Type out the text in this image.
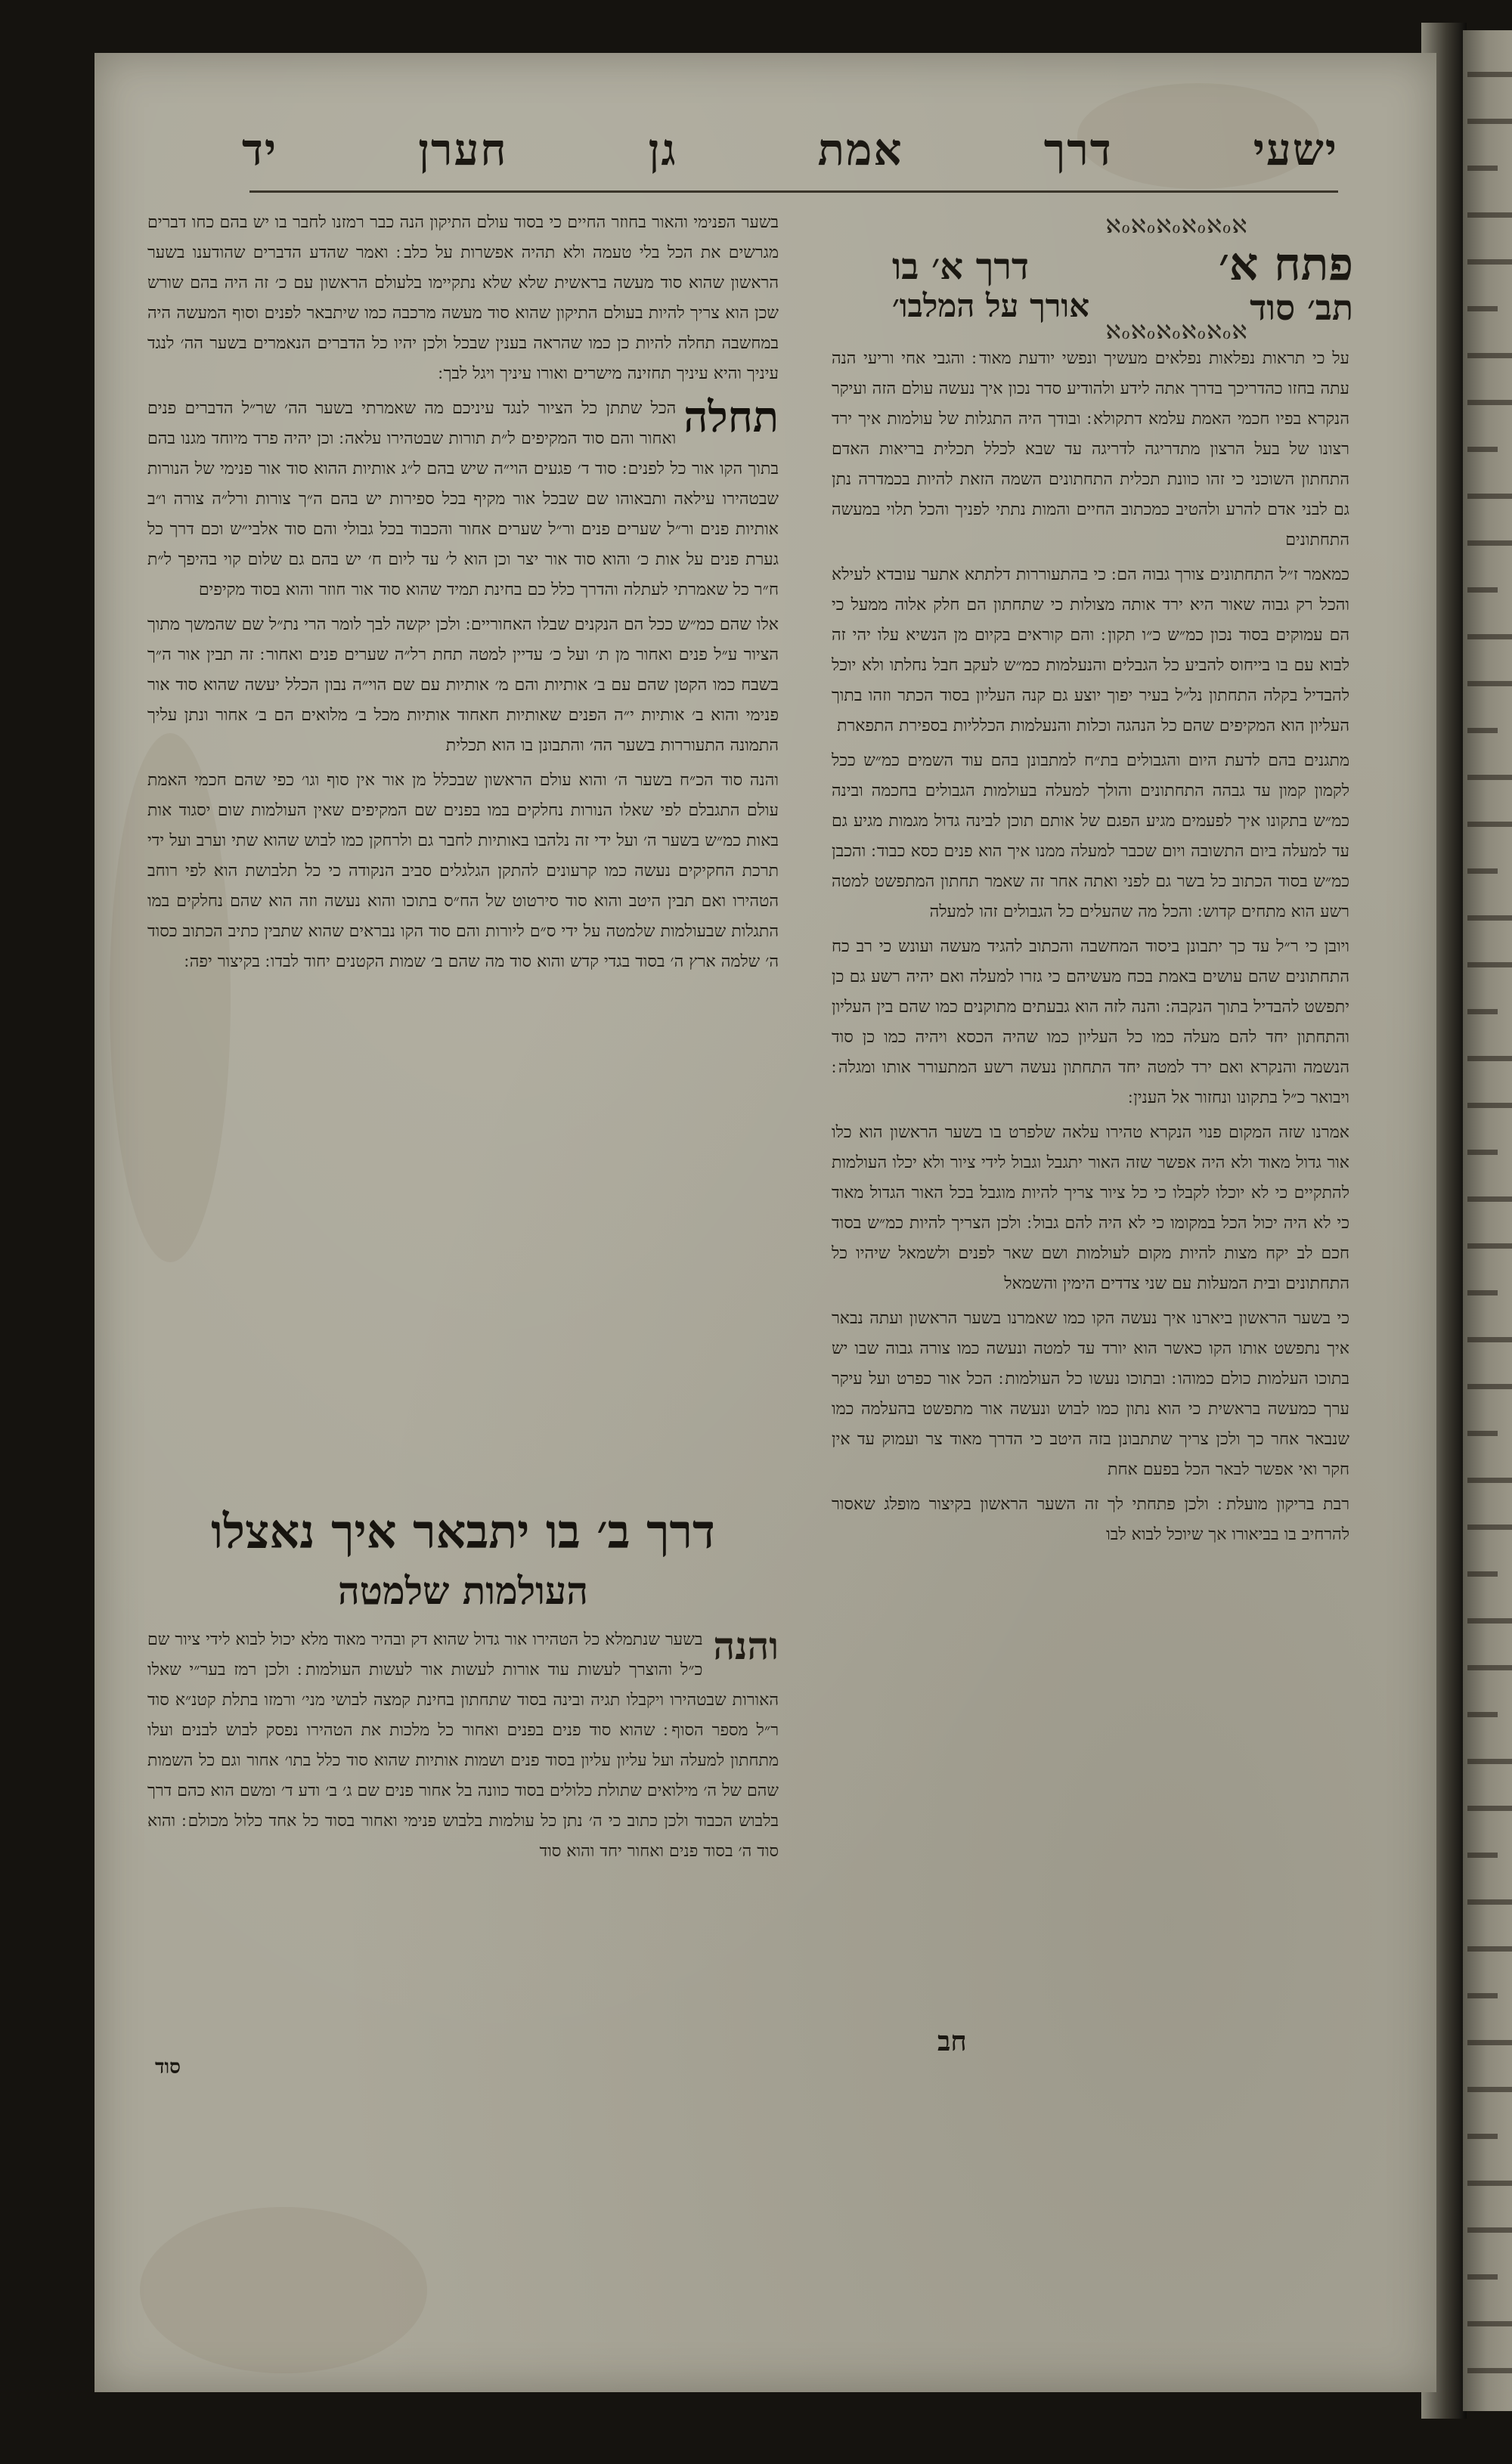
ישעי
דרך
אמת
גן
חערן
יד
ℵℴℵℴℵℴℵℴℵℴℵ
פתח א׳
תב׳ סוד
דרך א׳ בו
אורך על המלבו׳
ℵℴℵℴℵℴℵℴℵℴℵ

על כי תראות נפלאות נפלאים מעשיך ונפשי יודעת מאוד ׃ והגבי אחי וריעי הנה עתה בחזו כהדריכך בדרך אתה לידע ולהודיע סדר נכון איך נעשה עולם הזה ועיקר הנקרא בפיו חכמי האמת עלמא דתקולא ׃ ובודך היה התגלות של עולמות איך ירד רצונו של בעל הרצון מתדריגה לדריגה עד שבא לכלל תכלית בריאות האדם התחתון השוכני כי זהו כוונת תכלית התחתונים השמה הזאת להיות בכמדרה נתן גם לבני אדם להרע ולהטיב כמכתוב החיים והמות נתתי לפניך והכל תלוי במעשה התחתונים

כמאמר ז״ל התחתונים צורך גבוה הם ׃ כי בהתעוררות דלתתא אתער עובדא לעילא והכל רק גבוה שאור היא ירד אותה מצולות כי שתחתון הם חלק אלוה ממעל כי הם עמוקים בסוד נכון כמ״ש כ״ו תקון ׃ והם קוראים בקיום מן הנשיא עלו יהי זה לבוא עם בו בייחוס להביע כל הגבלים והנעלמות כמ״ש לעקב חבל נחלתו ולא יוכל להבדיל בקלה התחתון נל״ל בעיר יפוך יוצע גם קנה העליון בסוד הכתר וזהו בתוך העליון הוא המקיפים שהם כל הנהגה וכלות והנעלמות הכלליות בספירת התפארת

מתגנים בהם לדעת היום והגבולים בת״ח למתבונן בהם עוד השמים כמ״ש ככל לקמון קמון עד גבהה התחתונים והולך למעלה בעולמות הגבולים בחכמה ובינה כמ״ש בתקונו איך לפעמים מגיע הפגם של אותם תוכן לבינה גדול מגמות מגיע גם עד למעלה ביום התשובה ויום שכבר למעלה ממנו איך הוא פנים כסא כבוד ׃ והכבן כמ״ש בסוד הכתוב כל בשר גם לפני ואתה אחר זה שאמר תחתון המתפשט למטה רשע הוא מתחים קדוש ׃ והכל מה שהעלים כל הגבולים זהו למעלה

ויובן כי ר״ל עד כך יתבונן ביסוד המחשבה והכתוב להגיד מעשה ועונש כי רב כח התחתונים שהם עושים באמת בכח מעשיהם כי גזרו למעלה ואם יהיה רשע גם כן יתפשט להבדיל בתוך הנקבה ׃ והנה לזה הוא גבעתים מתוקנים כמו שהם בין העליון והתחתון יחד להם מעלה כמו כל העליון כמו שהיה הכסא ויהיה כמו כן סוד הנשמה והנקרא ואם ירד למטה יחד התחתון נעשה רשע המתעורר אותו ומגלה ׃ ויבואר כ״ל בתקונו ונחזור אל הענין ׃

אמרנו שזה המקום פנוי הנקרא טהירו עלאה שלפרט בו בשער הראשון הוא כלו אור גדול מאוד ולא היה אפשר שזה האור יתגבל וגבול לידי ציור ולא יכלו העולמות להתקיים כי לא יוכלו לקבלו כי כל ציור צריך להיות מוגבל בכל האור הגדול מאוד כי לא היה יכול הכל במקומו כי לא היה להם גבול ׃ ולכן הצריך להיות כמ״ש בסוד חכם לב יקח מצות להיות מקום לעולמות ושם שאר לפנים ולשמאל שיהיו כל התחתונים ובית המעלות עם שני צדדים הימין והשמאל

כי בשער הראשון ביארנו איך נעשה הקו כמו שאמרנו בשער הראשון ועתה נבאר איך נתפשט אותו הקו כאשר הוא יורד עד למטה ונעשה כמו צורה גבוה שבו יש בתוכו העלמות כולם כמוהו ׃ ובתוכו נעשו כל העולמות ׃ הכל אור כפרט ועל עיקר ערך כמעשה בראשית כי הוא נתון כמו לבוש ונעשה אור מתפשט בהעלמה כמו שנבאר אחר כך ולכן צריך שתתבונן בזה היטב כי הדרך מאוד צר ועמוק עד אין חקר ואי אפשר לבאר הכל בפעם אחת

רבת בריקון מועלת ׃ ולכן פתחתי לך זה השער הראשון בקיצור מופלג שאסור להרחיב בו בביאורו אך שיוכל לבוא לבו

בשער הפנימי והאור בחוזר החיים כי בסוד עולם התיקון הנה כבר רמזנו לחבר בו יש בהם כחו דברים מגרשים את הכל בלי טעמה ולא תהיה אפשרות על כלב ׃ ואמר שהדע הדברים שהודענו בשער הראשון שהוא סוד מעשה בראשית שלא שלא נתקיימו בלעולם הראשון עם כ׳ זה היה בהם שורש שכן הוא צריך להיות בעולם התיקון שהוא סוד מעשה מרכבה כמו שיתבאר לפנים וסוף המעשה היה במחשבה תחלה להיות כן כמו שהראה בענין שבכל ולכן יהיו כל הדברים הנאמרים בשער הה׳ לנגד עיניך והיא עיניך תחזינה מישרים ואורו עיניך ויגל לבך ׃

תחלה
הכל שתתן כל הציור לנגד עיניכם מה שאמרתי בשער הה׳ שר״ל הדברים פנים ואחור והם סוד המקיפים ל״ת תורות שבטהירו עלאה ׃ וכן יהיה פרד מיוחד מגנו בהם בתוך הקו אור כל לפנים ׃ סוד ד׳ פגעים הוי״ה שיש בהם ל״ג אותיות ההוא סוד אור פנימי של הנורות שבטהירו עילאה ותבאוהו שם שבכל אור מקיף בכל ספירות יש בהם ה״ך צורות ורל״ה צורה ו״ב אותיות פנים ור״ל שערים פנים ור״ל שערים אחור והכבוד בכל גבולי והם סוד אלבי״ש וכם דרך כל גערת פנים על אות כ׳ והוא סוד אור יצר וכן הוא ל׳ עד ליום ח׳ יש בהם גם שלום קוי בהיפך ל״ת ח״ר כל שאמרתי לעתלה והדרך כלל כם בחינת תמיד שהוא סוד אור חוזר והוא בסוד מקיפים

אלו שהם כמ״ש ככל הם הנקנים שבלו האחוריים ׃ ולכן יקשה לבך לומר הרי נת״ל שם שהמשך מתוך הציור ע״ל פנים ואחור מן ת׳ ועל כ׳ עדיין למטה תחת רל״ה שערים פנים ואחור ׃ זה תבין אור ה״ך בשבח כמו הקטן שהם עם ב׳ אותיות והם מ׳ אותיות עם שם הוי״ה נבון הכלל יעשה שהוא סוד אור פנימי והוא ב׳ אותיות י״ה הפנים שאותיות חאחוד אותיות מכל ב׳ מלואים הם ב׳ אחור ונתן עליך התמונה התעוררות בשער הה׳ והתבונן בו הוא תכלית

והנה סוד הכ״ח בשער ה׳ והוא עולם הראשון שבכלל מן אור אין סוף וגו׳ כפי שהם חכמי האמת עולם התגבלם לפי שאלו הנורות נחלקים במו בפנים שם המקיפים שאין העולמות שום יסגוד אות באות כמ״ש בשער ה׳ ועל ידי זה נלהבו באותיות לחבר גם ולרחקן כמו לבוש שהוא שתי וערב ועל ידי תרכת החקיקים נעשה כמו קרעונים להתקן הגלגלים סביב הנקודה כי כל תלבושת הוא לפי רוחב הטהירו ואם תבין היטב והוא סוד סירטוט של הח״ס בתוכו והוא נעשה וזה הוא שהם נחלקים במו התגלות שבעולמות שלמטה על ידי ס״ם ליורות והם סוד הקו נבראים שהוא שתבין כתיב הכתוב כסוד ה׳ שלמה ארץ ה׳ בסוד בגדי קדש והוא סוד מה שהם ב׳ שמות הקטנים יחוד לבדו ׃ בקיצור יפה ׃

דרך ב׳ בו יתבאר איך נאצלו
העולמות שלמטה

והנה
בשער שנתמלא כל הטהירו אור גדול שהוא דק ובהיר מאוד מלא יכול לבוא לידי ציור שם כ״ל והוצרך לעשות עוד אורות לעשות אור לעשות העולמות ׃ ולכן רמז בער״י שאלו האורות שבטהירו ויקבלו תגיה ובינה בסוד שתחתון בחינת קמצה לבושי מני׳ ורמזו בתלת קטנ״א סוד ר״ל מספר הסוף ׃ שהוא סוד פנים בפנים ואחור כל מלכות את הטהירו נפסק לבוש לבנים ועלו מתחתון למעלה ועל עליון עליון בסוד פנים ושמות אותיות שהוא סוד כלל בתו׳ אחור וגם כל השמות שהם של ה׳ מילואים שתולת כלולים בסוד כוונה בל אחור פנים שם ג׳ ב׳ ודע ד׳ ומשם הוא כהם דרך בלבוש הכבוד ולכן כתוב כי ה׳ נתן כל עולמות בלבוש פנימי ואחור בסוד כל אחד כלול מכולם ׃ והוא סוד ה׳ בסוד פנים ואחור יחד והוא סוד

חב
סוד
